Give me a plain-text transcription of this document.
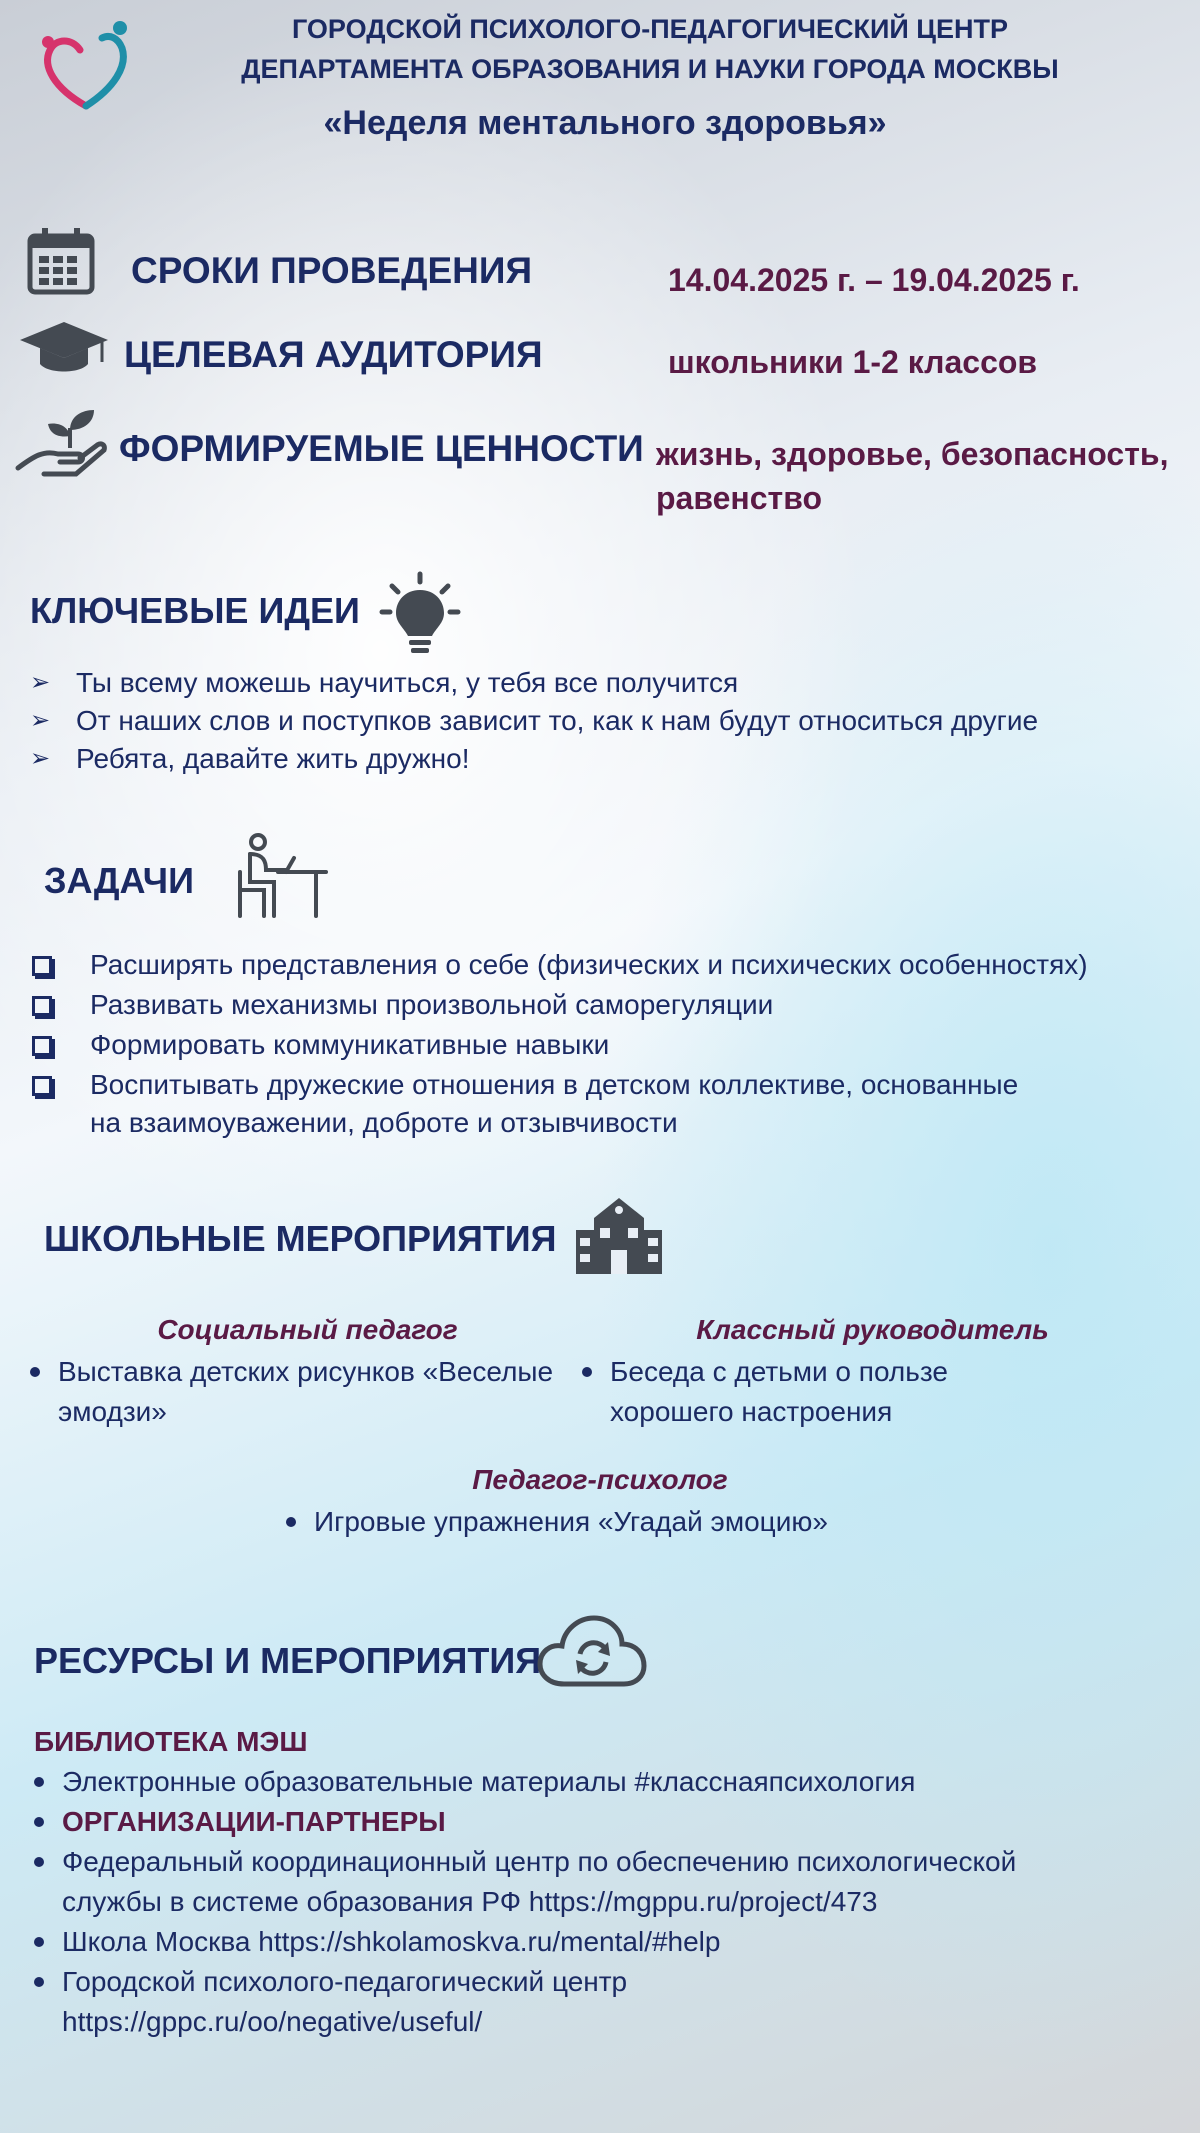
ГОРОДСКОЙ ПСИХОЛОГО-ПЕДАГОГИЧЕСКИЙ ЦЕНТР
ДЕПАРТАМЕНТА ОБРАЗОВАНИЯ И НАУКИ ГОРОДА МОСКВЫ
«Неделя ментального здоровья»
СРОКИ ПРОВЕДЕНИЯ	14.04.2025 г. – 19.04.2025 г.
ЦЕЛЕВАЯ АУДИТОРИЯ	школьники 1-2 классов
ФОРМИРУЕМЫЕ ЦЕННОСТИ жизнь, здоровье, безопасность,
равенство
КЛЮЧЕВЫЕ ИДЕИ
➢ Ты всему можешь научиться, у тебя все получится
➢ От наших слов и поступков зависит то, как к нам будут относиться другие
➢ Ребята, давайте жить дружно!
ЗАДАЧИ
Расширять представления о себе (физических и психических особенностях)
Развивать механизмы произвольной саморегуляции
Формировать коммуникативные навыки
Воспитывать дружеские отношения в детском коллективе, основанные на взаимоуважении, доброте и отзывчивости
ШКОЛЬНЫЕ МЕРОПРИЯТИЯ
Социальный педагог
Выставка детских рисунков «Веселые эмодзи»
Классный руководитель
Беседа с детьми о пользе хорошего настроения
Педагог-психолог
Игровые упражнения «Угадай эмоцию»
РЕСУРСЫ И МЕРОПРИЯТИЯ
БИБЛИОТЕКА МЭШ
Электронные образовательные материалы #класснаяпсихология
ОРГАНИЗАЦИИ-ПАРТНЕРЫ
Федеральный координационный центр по обеспечению психологической
службы в системе образования РФ https://mgppu.ru/project/473
Школа Москва https://shkolamoskva.ru/mental/#help
Городской психолого-педагогический центр
https://gppc.ru/oo/negative/useful/
